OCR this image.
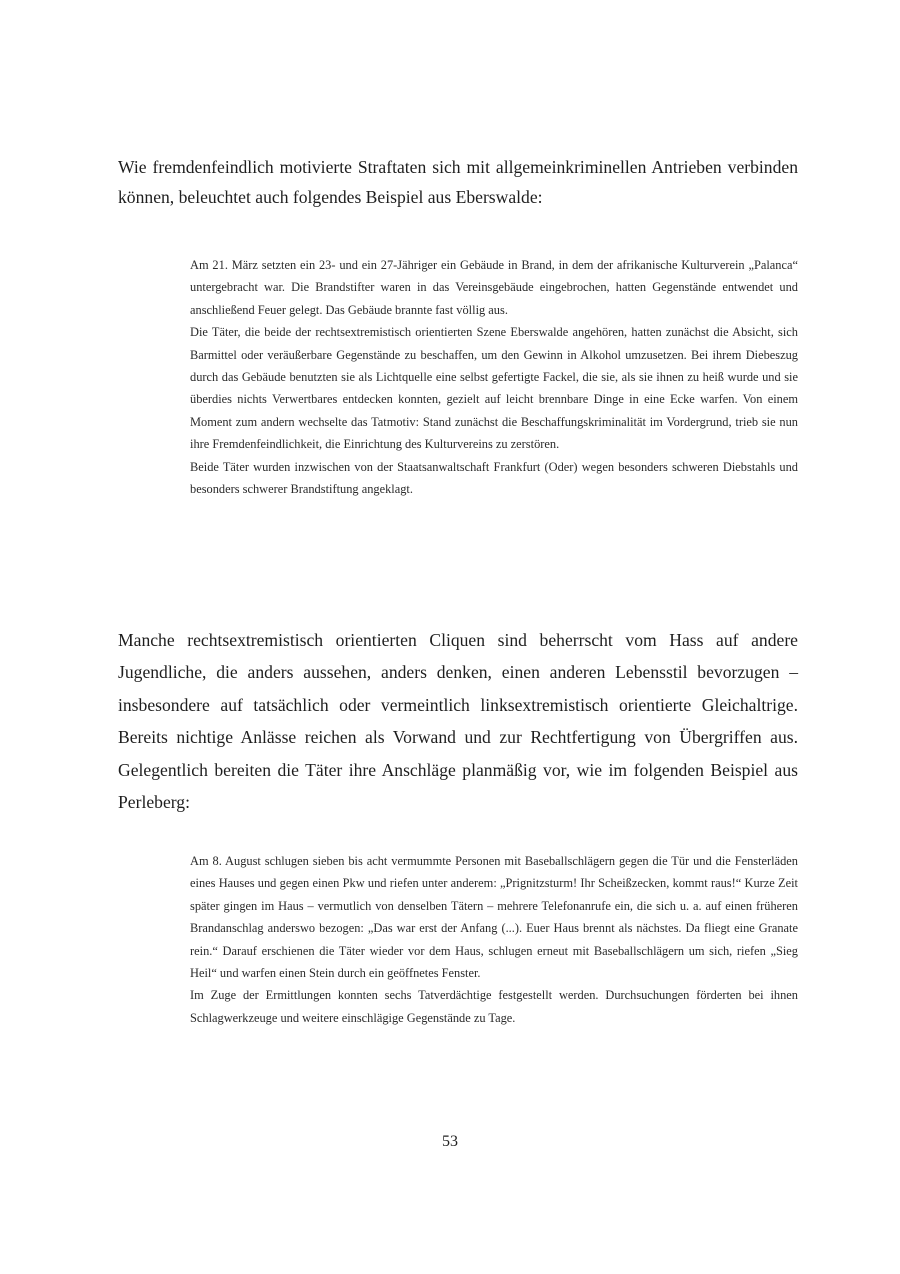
Wie fremdenfeindlich motivierte Straftaten sich mit allgemeinkriminellen Antrieben verbinden können, beleuchtet auch folgendes Beispiel aus Eberswalde:

Am 21. März setzten ein 23- und ein 27-Jähriger ein Gebäude in Brand, in dem der afrikanische Kulturverein „Palanca“ untergebracht war. Die Brandstifter waren in das Vereinsgebäude eingebrochen, hatten Gegenstände entwendet und anschließend Feuer gelegt. Das Gebäude brannte fast völlig aus.

Die Täter, die beide der rechtsextremistisch orientierten Szene Eberswalde angehören, hatten zunächst die Absicht, sich Barmittel oder veräußerbare Gegenstände zu beschaffen, um den Gewinn in Alkohol umzusetzen. Bei ihrem Diebeszug durch das Gebäude benutzten sie als Lichtquelle eine selbst gefertigte Fackel, die sie, als sie ihnen zu heiß wurde und sie überdies nichts Verwertbares entdecken konnten, gezielt auf leicht brennbare Dinge in eine Ecke warfen. Von einem Moment zum andern wechselte das Tatmotiv: Stand zunächst die Beschaffungskriminalität im Vordergrund, trieb sie nun ihre Fremdenfeindlichkeit, die Einrichtung des Kulturvereins zu zerstören.

Beide Täter wurden inzwischen von der Staatsanwaltschaft Frankfurt (Oder) wegen besonders schweren Diebstahls und besonders schwerer Brandstiftung angeklagt.

Manche rechtsextremistisch orientierten Cliquen sind beherrscht vom Hass auf andere Jugendliche, die anders aussehen, anders denken, einen anderen Lebensstil bevorzugen – insbesondere auf tatsächlich oder vermeintlich linksextremistisch orientierte Gleichaltrige. Bereits nichtige Anlässe reichen als Vorwand und zur Rechtfertigung von Übergriffen aus. Gelegentlich bereiten die Täter ihre Anschläge planmäßig vor, wie im folgenden Beispiel aus Perleberg:

Am 8. August schlugen sieben bis acht vermummte Personen mit Baseballschlägern gegen die Tür und die Fensterläden eines Hauses und gegen einen Pkw und riefen unter anderem: „Prignitzsturm! Ihr Scheißzecken, kommt raus!“ Kurze Zeit später gingen im Haus – vermutlich von denselben Tätern – mehrere Telefonanrufe ein, die sich u. a. auf einen früheren Brandanschlag anderswo bezogen: „Das war erst der Anfang (...). Euer Haus brennt als nächstes. Da fliegt eine Granate rein.“ Darauf erschienen die Täter wieder vor dem Haus, schlugen erneut mit Baseballschlägern um sich, riefen „Sieg Heil“ und warfen einen Stein durch ein geöffnetes Fenster.

Im Zuge der Ermittlungen konnten sechs Tatverdächtige festgestellt werden. Durchsuchungen förderten bei ihnen Schlagwerkzeuge und weitere einschlägige Gegenstände zu Tage.

53
